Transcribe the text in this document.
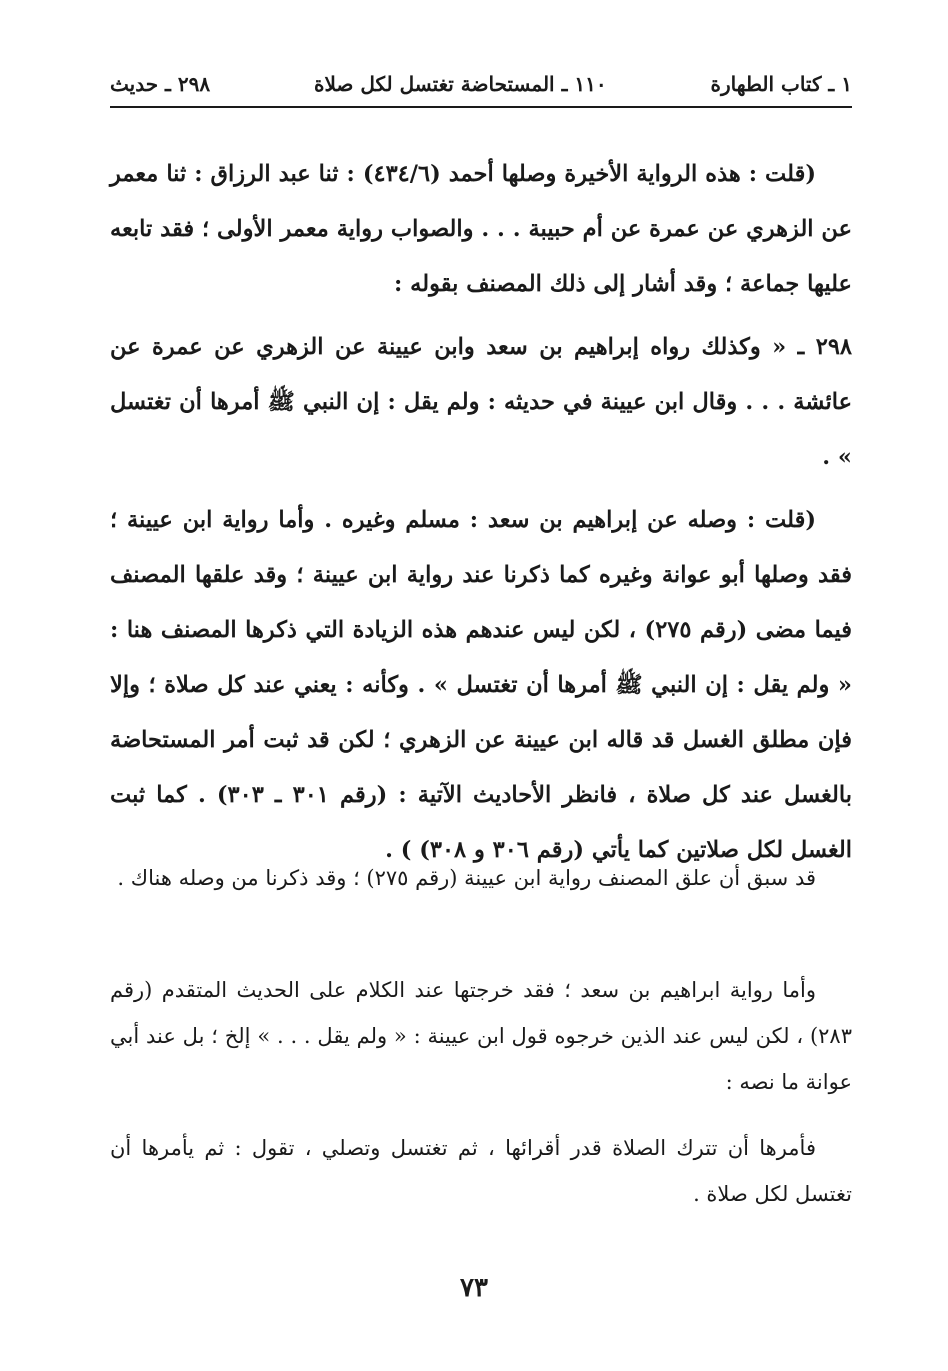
١ ـ كتاب الطهارة
١١٠ ـ المستحاضة تغتسل لكل صلاة
٢٩٨ ـ حديث

(قلت : هذه الرواية الأخيرة وصلها أحمد (٤٣٤/٦) : ثنا عبد الرزاق : ثنا معمر عن الزهري عن عمرة عن أم حبيبة . . . والصواب رواية معمر الأولى ؛ فقد تابعه عليها جماعة ؛ وقد أشار إلى ذلك المصنف بقوله :

٢٩٨ ـ « وكذلك رواه إبراهيم بن سعد وابن عيينة عن الزهري عن عمرة عن عائشة . . . وقال ابن عيينة في حديثه : ولم يقل : إن النبي ﷺ أمرها أن تغتسل » .

(قلت : وصله عن إبراهيم بن سعد : مسلم وغيره . وأما رواية ابن عيينة ؛ فقد وصلها أبو عوانة وغيره كما ذكرنا عند رواية ابن عيينة ؛ وقد علقها المصنف فيما مضى (رقم ٢٧٥) ، لكن ليس عندهم هذه الزيادة التي ذكرها المصنف هنا : « ولم يقل : إن النبي ﷺ أمرها أن تغتسل » . وكأنه : يعني عند كل صلاة ؛ وإلا فإن مطلق الغسل قد قاله ابن عيينة عن الزهري ؛ لكن قد ثبت أمر المستحاضة بالغسل عند كل صلاة ، فانظر الأحاديث الآتية : (رقم ٣٠١ ـ ٣٠٣) . كما ثبت الغسل لكل صلاتين كما يأتي (رقم ٣٠٦ و ٣٠٨) ) .

قد سبق أن علق المصنف رواية ابن عيينة (رقم ٢٧٥) ؛ وقد ذكرنا من وصله هناك .

وأما رواية ابراهيم بن سعد ؛ فقد خرجتها عند الكلام على الحديث المتقدم (رقم ٢٨٣) ، لكن ليس عند الذين خرجوه قول ابن عيينة : « ولم يقل . . . » إلخ ؛ بل عند أبي عوانة ما نصه :

فأمرها أن تترك الصلاة قدر أقرائها ، ثم تغتسل وتصلي ، تقول : ثم يأمرها أن تغتسل لكل صلاة .

٧٣
